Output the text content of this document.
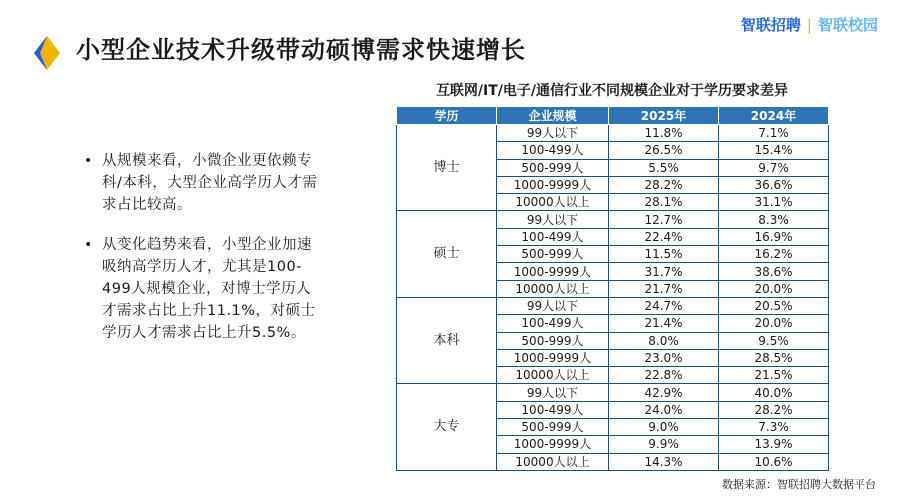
小型企业技术升级带动硕博需求快速增长
智联招聘 | 智联校园
• 从规模来看，小微企业更依赖专科/本科，大型企业高学历人才需求占比较高。
• 从变化趋势来看，小型企业加速吸纳高学历人才，尤其是100-499人规模企业，对博士学历人才需求占比上升11.1%，对硕士学历人才需求占比上升5.5%。
互联网/IT/电子/通信行业不同规模企业对于学历要求差异
学历	企业规模	2025年	2024年
博士	99人以下	11.8%	7.1%
	100-499人	26.5%	15.4%
	500-999人	5.5%	9.7%
	1000-9999人	28.2%	36.6%
	10000人以上	28.1%	31.1%
硕士	99人以下	12.7%	8.3%
	100-499人	22.4%	16.9%
	500-999人	11.5%	16.2%
	1000-9999人	31.7%	38.6%
	10000人以上	21.7%	20.0%
本科	99人以下	24.7%	20.5%
	100-499人	21.4%	20.0%
	500-999人	8.0%	9.5%
	1000-9999人	23.0%	28.5%
	10000人以上	22.8%	21.5%
大专	99人以下	42.9%	40.0%
	100-499人	24.0%	28.2%
	500-999人	9.0%	7.3%
	1000-9999人	9.9%	13.9%
	10000人以上	14.3%	10.6%
数据来源：智联招聘大数据平台
